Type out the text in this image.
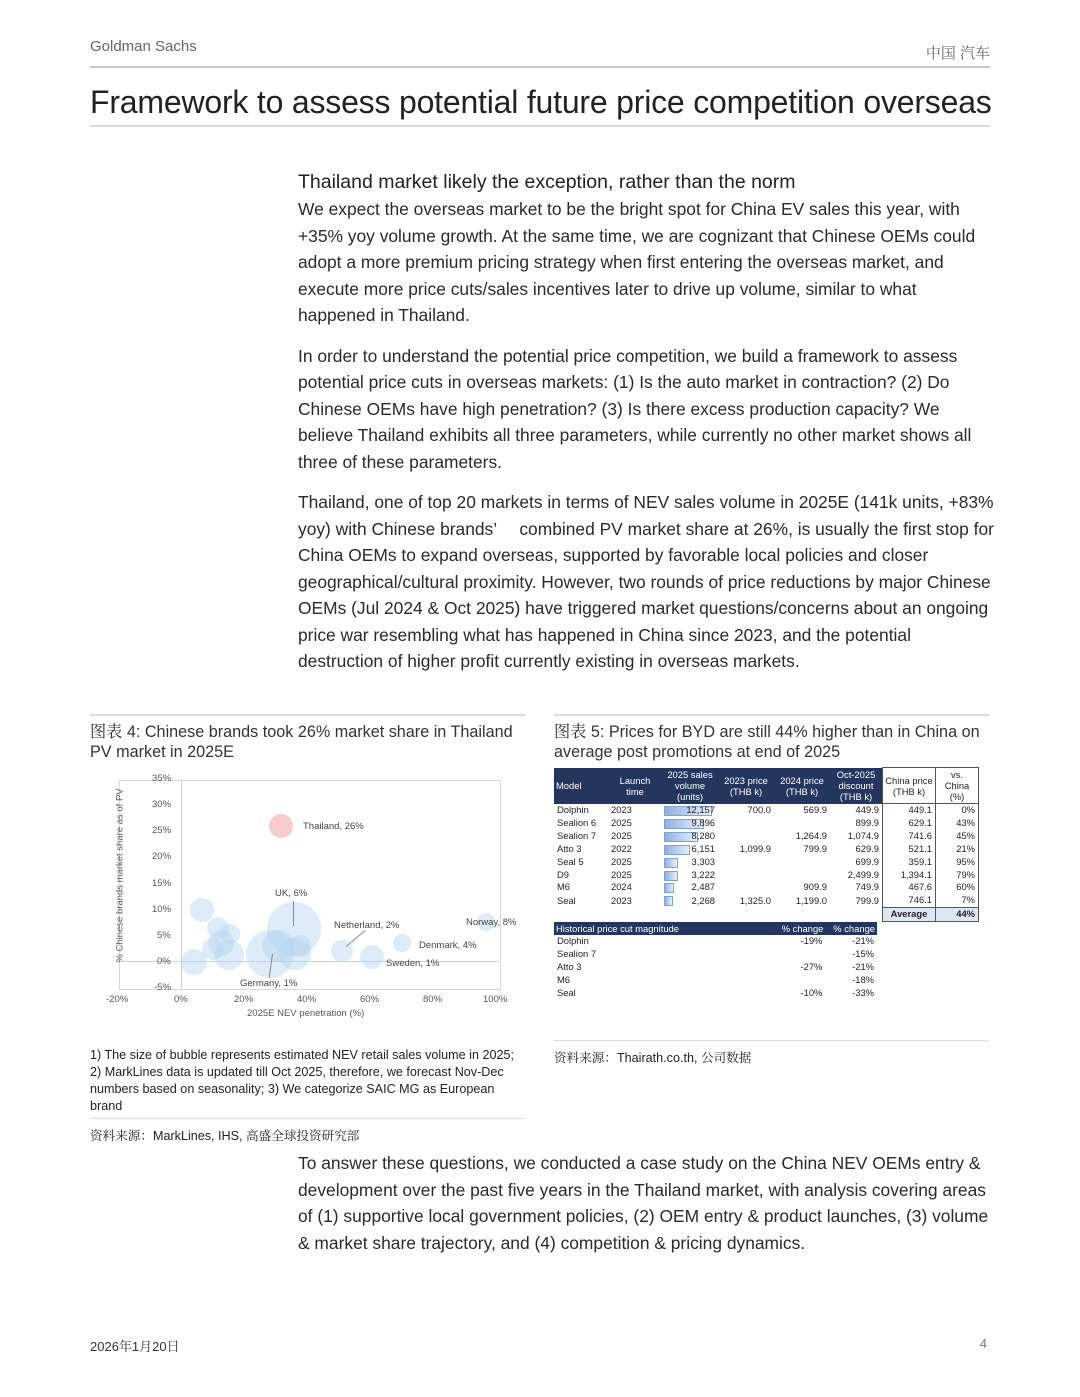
Goldman Sachs	中国 汽车
Framework to assess potential future price competition overseas
Thailand market likely the exception, rather than the norm

We expect the overseas market to be the bright spot for China EV sales this year, with +35% yoy volume growth. At the same time, we are cognizant that Chinese OEMs could adopt a more premium pricing strategy when first entering the overseas market, and execute more price cuts/sales incentives later to drive up volume, similar to what happened in Thailand.

In order to understand the potential price competition, we build a framework to assess potential price cuts in overseas markets: (1) Is the auto market in contraction? (2) Do Chinese OEMs have high penetration? (3) Is there excess production capacity? We believe Thailand exhibits all three parameters, while currently no other market shows all three of these parameters.

Thailand, one of top 20 markets in terms of NEV sales volume in 2025E (141k units, +83% yoy) with Chinese brands’  combined PV market share at 26%, is usually the first stop for China OEMs to expand overseas, supported by favorable local policies and closer geographical/cultural proximity. However, two rounds of price reductions by major Chinese OEMs (Jul 2024 & Oct 2025) have triggered market questions/concerns about an ongoing price war resembling what has happened in China since 2023, and the potential destruction of higher profit currently existing in overseas markets.

图表 4: Chinese brands took 26% market share in Thailand PV market in 2025E
35%
30%
25%
20%
15%
10%
5%
0%
-5%
-20%	0%	20%	40%	60%	80%	100%
2025E NEV penetration (%)
% Chinese brands market share as of PV	Thailand, 26%
UK, 6%
Germany, 1%
Netherland, 2%
Denmark, 4%
Sweden, 1%
Norway, 8%
1) The size of bubble represents estimated NEV retail sales volume in 2025; 2) MarkLines data is updated till Oct 2025, therefore, we forecast Nov-Dec numbers based on seasonality; 3) We categorize SAIC MG as European brand
资料来源：MarkLines, IHS, 高盛全球投资研究部
图表 5: Prices for BYD are still 44% higher than in China on average post promotions at end of 2025
Model	Launch time	2025 sales volume (units)	2023 price (THB k)	2024 price (THB k)	Oct-2025 discount (THB k)	China price (THB k)	vs. China (%)
Dolphin	2023	12,157	700.0	569.9	449.9	449.1	0%
Sealion 6	2025	9,896			899.9	629.1	43%
Sealion 7	2025	8,280		1,264.9	1,074.9	741.6	45%
Atto 3	2022	6,151	1,099.9	799.9	629.9	521.1	21%
Seal 5	2025	3,303			699.9	359.1	95%
D9	2025	3,222			2,499.9	1,394.1	79%
M6	2024	2,487		909.9	749.9	467.6	60%
Seal	2023	2,268	1,325.0	1,199.0	799.9	746.1	7%
						Average	44%
Historical price cut magnitude	% change	% change
Dolphin	-19%	-21%
Sealion 7		-15%
Atto 3	-27%	-21%
M6		-18%
Seal	-10%	-33%
资料来源：Thairath.co.th, 公司数据

To answer these questions, we conducted a case study on the China NEV OEMs entry & development over the past five years in the Thailand market, with analysis covering areas of (1) supportive local government policies, (2) OEM entry & product launches, (3) volume & market share trajectory, and (4) competition & pricing dynamics.

2026年1月20日	4
